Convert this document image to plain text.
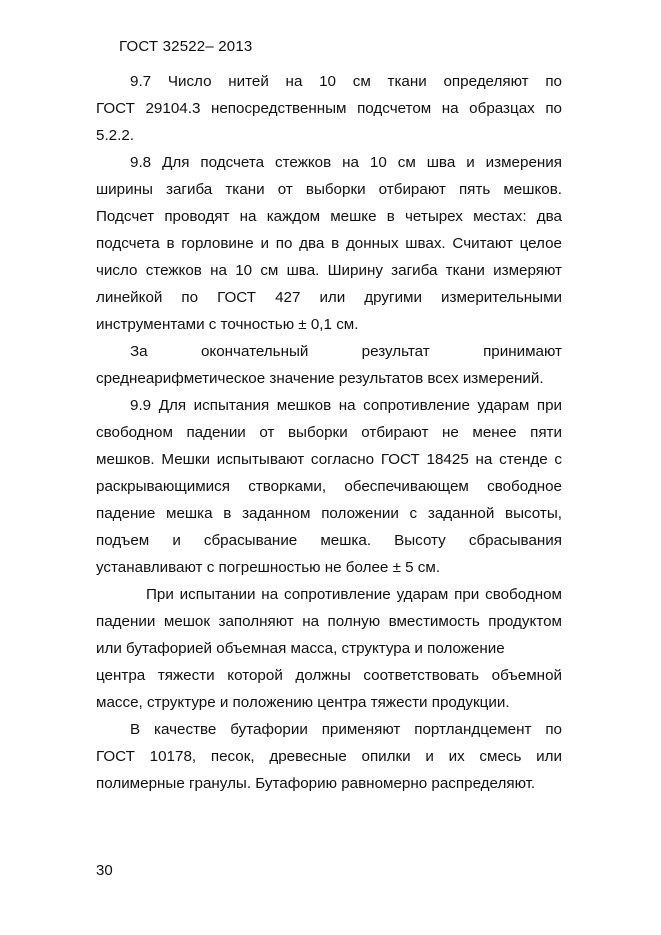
ГОСТ 32522– 2013
9.7 Число нитей на 10 см ткани определяют по
ГОСТ 29104.3 непосредственным подсчетом на образцах по
5.2.2.
9.8 Для подсчета стежков на 10 см шва и измерения
ширины загиба ткани от выборки отбирают пять мешков.
Подсчет проводят на каждом мешке в четырех местах: два
подсчета в горловине и по два в донных швах. Считают целое
число стежков на 10 см шва. Ширину загиба ткани измеряют
линейкой по ГОСТ 427 или другими измерительными
инструментами с точностью ± 0,1 см.
За окончательный результат принимают
среднеарифметическое значение результатов всех измерений.
9.9 Для испытания мешков на сопротивление ударам при
свободном падении от выборки отбирают не менее пяти
мешков. Мешки испытывают согласно ГОСТ 18425 на стенде с
раскрывающимися створками, обеспечивающем свободное
падение мешка в заданном положении с заданной высоты,
подъем и сбрасывание мешка. Высоту сбрасывания
устанавливают с погрешностью не более ± 5 см.
При испытании на сопротивление ударам при свободном
падении мешок заполняют на полную вместимость продуктом
или бутафорией объемная масса, структура и положение
центра тяжести которой должны соответствовать объемной
массе, структуре и положению центра тяжести продукции.
В качестве бутафории применяют портландцемент по
ГОСТ 10178, песок, древесные опилки и их смесь или
полимерные гранулы. Бутафорию равномерно распределяют.
30
